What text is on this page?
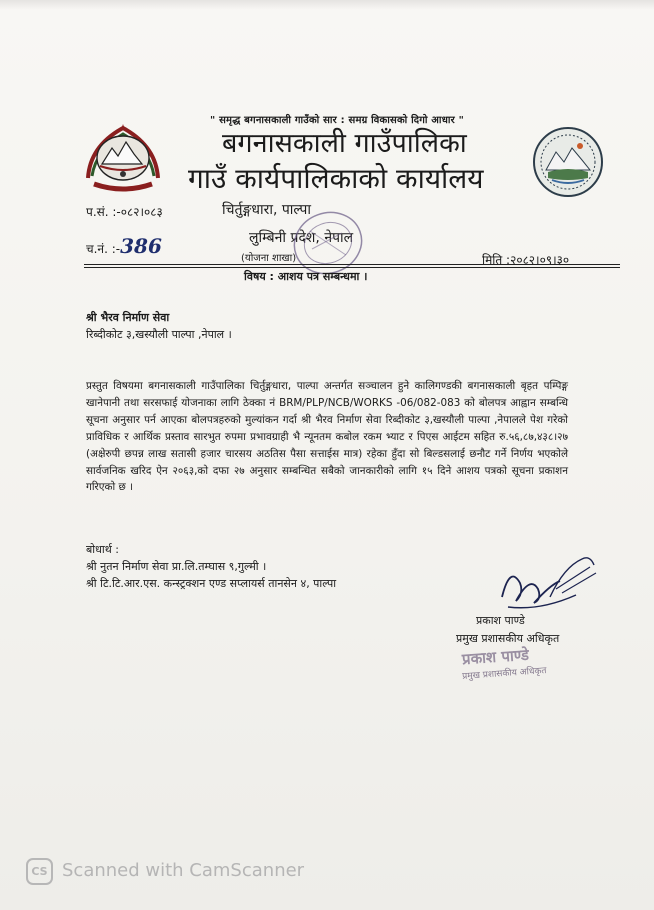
" समृद्ध बगनासकाली गाउँको सार : समग्र विकासको दिगो आधार "
बगनासकाली गाउँपालिका
गाउँ कार्यपालिकाको कार्यालय
प.सं. :-०८२।०८३
च.नं. :-386
चिर्तुङ्गधारा, पाल्पा
लुम्बिनी प्रदेश, नेपाल
(योजना शाखा)	मिति :२०८२।०९।३०
विषय : आशय पत्र सम्बन्धमा ।
श्री भैरव निर्माण सेवा
रिब्दीकोट ३,खस्यौली पाल्पा ,नेपाल ।
प्रस्तुत विषयमा बगनासकाली गाउँपालिका चिर्तुङ्गधारा, पाल्पा अन्तर्गत सञ्चालन हुने कालिगण्डकी बगनासकाली बृहत पम्पिङ्ग खानेपानी तथा सरसफाई योजनाका लागि ठेक्का नं BRM/PLP/NCB/WORKS -06/082-083 को बोलपत्र आह्वान सम्बन्धि सूचना अनुसार पर्न आएका बोलपत्रहरुको मुल्यांकन गर्दा श्री भैरव निर्माण सेवा रिब्दीकोट ३,खस्यौली पाल्पा ,नेपालले पेश गरेको प्राविधिक र आर्थिक प्रस्ताव सारभुत रुपमा प्रभावग्राही भै न्यूनतम कबोल रकम भ्याट र पिएस आईटम सहित रु.५६,८७,४३८।२७ (अक्षेरुपी छपन्न लाख सतासी हजार चारसय अठतिस पैसा सत्ताईस मात्र) रहेका हुँदा सो बिल्डसलाई छनौट गर्ने निर्णय भएकोले सार्वजनिक खरिद ऐन २०६३,को दफा २७ अनुसार सम्बन्धित सबैको जानकारीको लागि १५ दिने आशय पत्रको सूचना प्रकाशन गरिएको छ ।
बोधार्थ :
श्री नुतन निर्माण सेवा प्रा.लि.तम्घास ९,गुल्मी ।
श्री टि.टि.आर.एस. कन्स्ट्रक्शन एण्ड सप्लायर्स तानसेन ४, पाल्पा
प्रकाश पाण्डे
प्रमुख प्रशासकीय अधिकृत
प्रकाश पाण्डे
प्रमुख प्रशासकीय अधिकृत
CS Scanned with CamScanner
